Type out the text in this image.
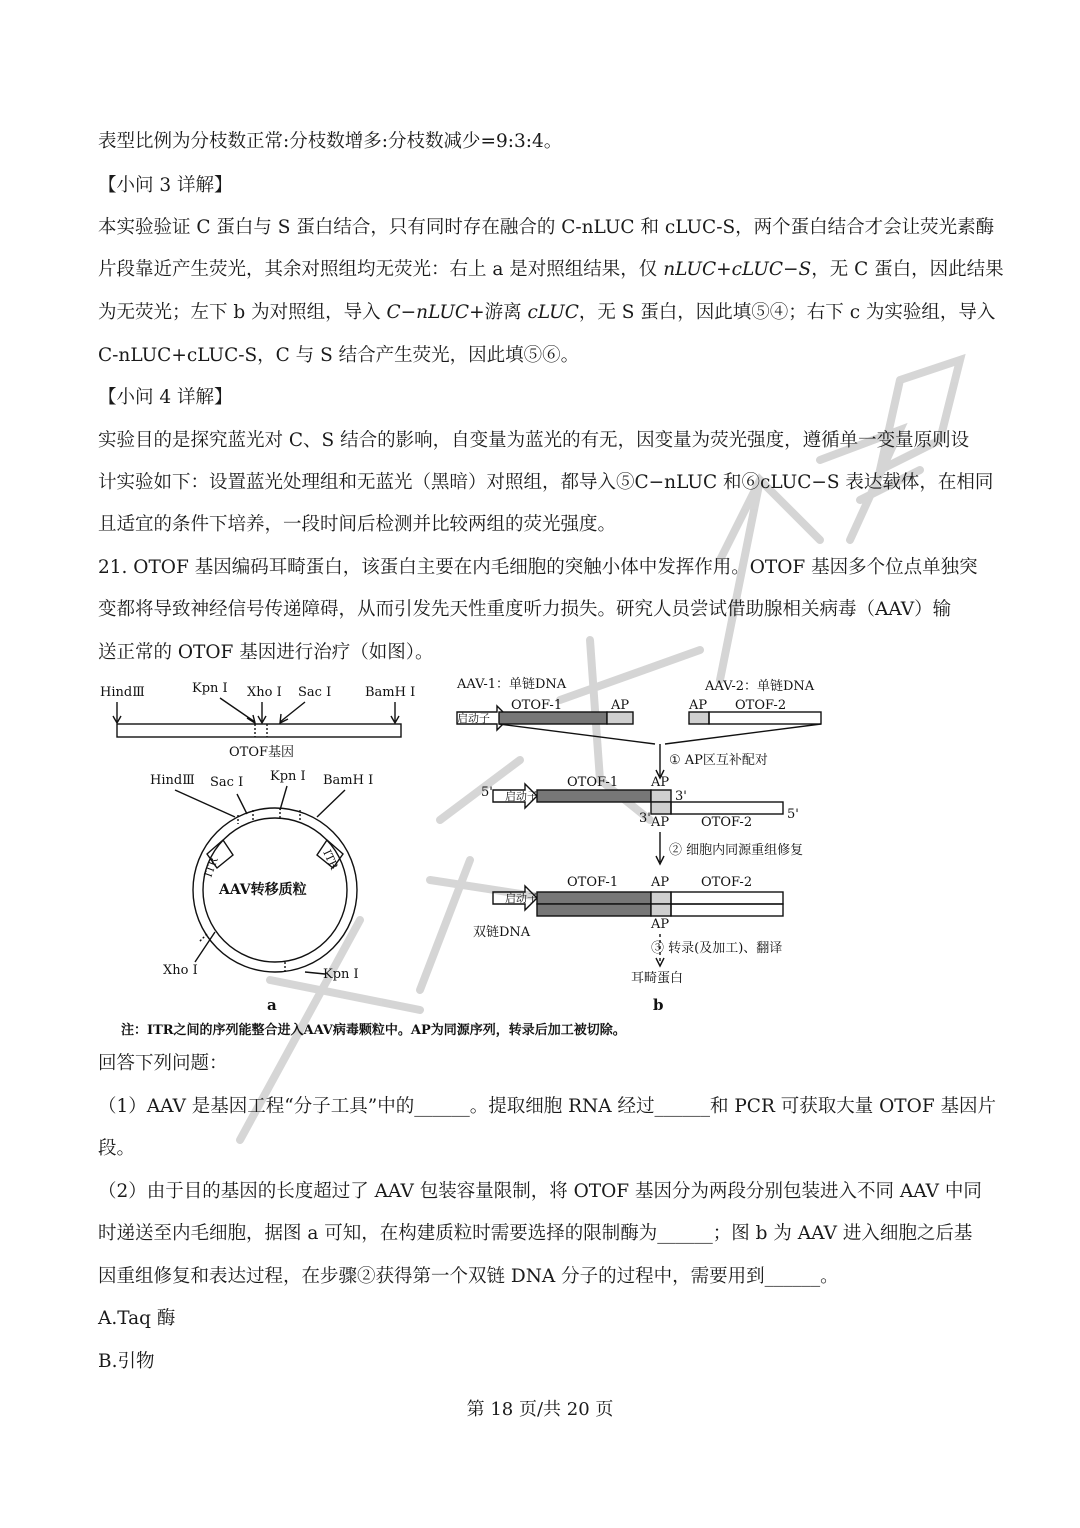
表型比例为分枝数正常:分枝数增多:分枝数减少=9:3:4。
【小问 3 详解】
本实验验证 C 蛋白与 S 蛋白结合，只有同时存在融合的 C-nLUC 和 cLUC-S，两个蛋白结合才会让荧光素酶
片段靠近产生荧光，其余对照组均无荧光：右上 a 是对照组结果，仅 nLUC+cLUC−S，无 C 蛋白，因此结果
为无荧光；左下 b 为对照组，导入 C−nLUC+游离 cLUC，无 S 蛋白，因此填⑤④；右下 c 为实验组，导入
C-nLUC+cLUC-S，C 与 S 结合产生荧光，因此填⑤⑥。
【小问 4 详解】
实验目的是探究蓝光对 C、S 结合的影响，自变量为蓝光的有无，因变量为荧光强度，遵循单一变量原则设
计实验如下：设置蓝光处理组和无蓝光（黑暗）对照组，都导入⑤C−nLUC 和⑥cLUC−S 表达载体，在相同
且适宜的条件下培养，一段时间后检测并比较两组的荧光强度。
21. OTOF 基因编码耳畸蛋白，该蛋白主要在内毛细胞的突触小体中发挥作用。OTOF 基因多个位点单独突
变都将导致神经信号传递障碍，从而引发先天性重度听力损失。研究人员尝试借助腺相关病毒（AAV）输
送正常的 OTOF 基因进行治疗（如图）。
HindⅢ	Kpn Ⅰ Xho Ⅰ Sac Ⅰ	BamH Ⅰ
OTOF基因
HindⅢ Sac Ⅰ Kpn Ⅰ BamH Ⅰ
ITR	ITR
AAV转移质粒
Xho Ⅰ	Kpn Ⅰ
a
AAV-1：单链DNA	AAV-2：单链DNA
启动子
OTOF-1	AP	AP OTOF-2
① AP区互补配对
5'
OTOF-1	AP
3'
3' AP OTOF-2
5'
启动子
② 细胞内同源重组修复
OTOF-1	AP OTOF-2
启动子
AP
双链DNA
③ 转录(及加工)、翻译
耳畸蛋白
b
注：ITR之间的序列能整合进入AAV病毒颗粒中。AP为同源序列，转录后加工被切除。
回答下列问题：
（1）AAV 是基因工程“分子工具”中的______。提取细胞 RNA 经过______和 PCR 可获取大量 OTOF 基因片
段。
（2）由于目的基因的长度超过了 AAV 包装容量限制，将 OTOF 基因分为两段分别包装进入不同 AAV 中同
时递送至内毛细胞，据图 a 可知，在构建质粒时需要选择的限制酶为______；图 b 为 AAV 进入细胞之后基
因重组修复和表达过程，在步骤②获得第一个双链 DNA 分子的过程中，需要用到______。
A.Taq 酶
B.引物
第 18 页/共 20 页
